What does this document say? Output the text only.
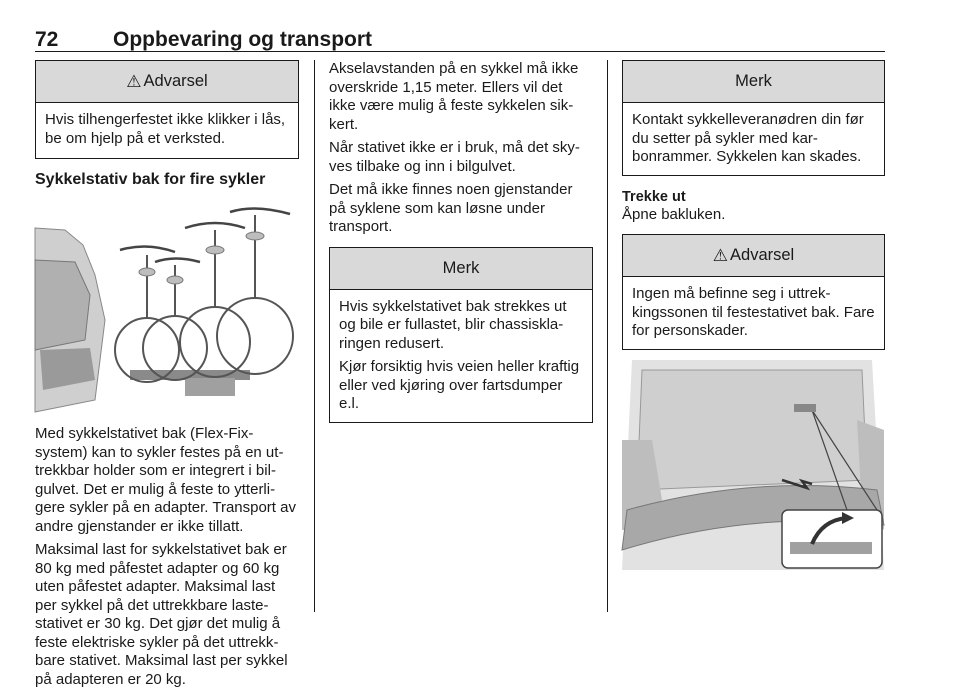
72	Oppbevaring og transport
⚠ Advarsel

Hvis tilhengerfestet ikke klikker i lås, be om hjelp på et verksted.

Sykkelstativ bak for fire sykler

Med sykkelstativet bak (Flex-Fix-system) kan to sykler festes på en uttrekkbar holder som er integrert i bilgulvet. Det er mulig å feste to ytterligere sykler på en adapter. Transport av andre gjenstander er ikke tillatt.

Maksimal last for sykkelstativet bak er 80 kg med påfestet adapter og 60 kg uten påfestet adapter. Maksimal last per sykkel på det uttrekkbare lastestativet er 30 kg. Det gjør det mulig å feste elektriske sykler på det uttrekkbare stativet. Maksimal last per sykkel på adapteren er 20 kg.

Akselavstanden på en sykkel må ikke overskride 1,15 meter. Ellers vil det ikke være mulig å feste sykkelen sikkert.

Når stativet ikke er i bruk, må det skyves tilbake og inn i bilgulvet.

Det må ikke finnes noen gjenstander på syklene som kan løsne under transport.

Merk

Hvis sykkelstativet bak strekkes ut og bile er fullastet, blir chassisklaringen redusert.

Kjør forsiktig hvis veien heller kraftig eller ved kjøring over fartsdumper e.l.

Merk

Kontakt sykkelleveranødren din før du setter på sykler med karbonrammer. Sykkelen kan skades.

Trekke ut

Åpne bakluken.

⚠ Advarsel

Ingen må befinne seg i uttrekkingssonen til festestativet bak. Fare for personskader.
